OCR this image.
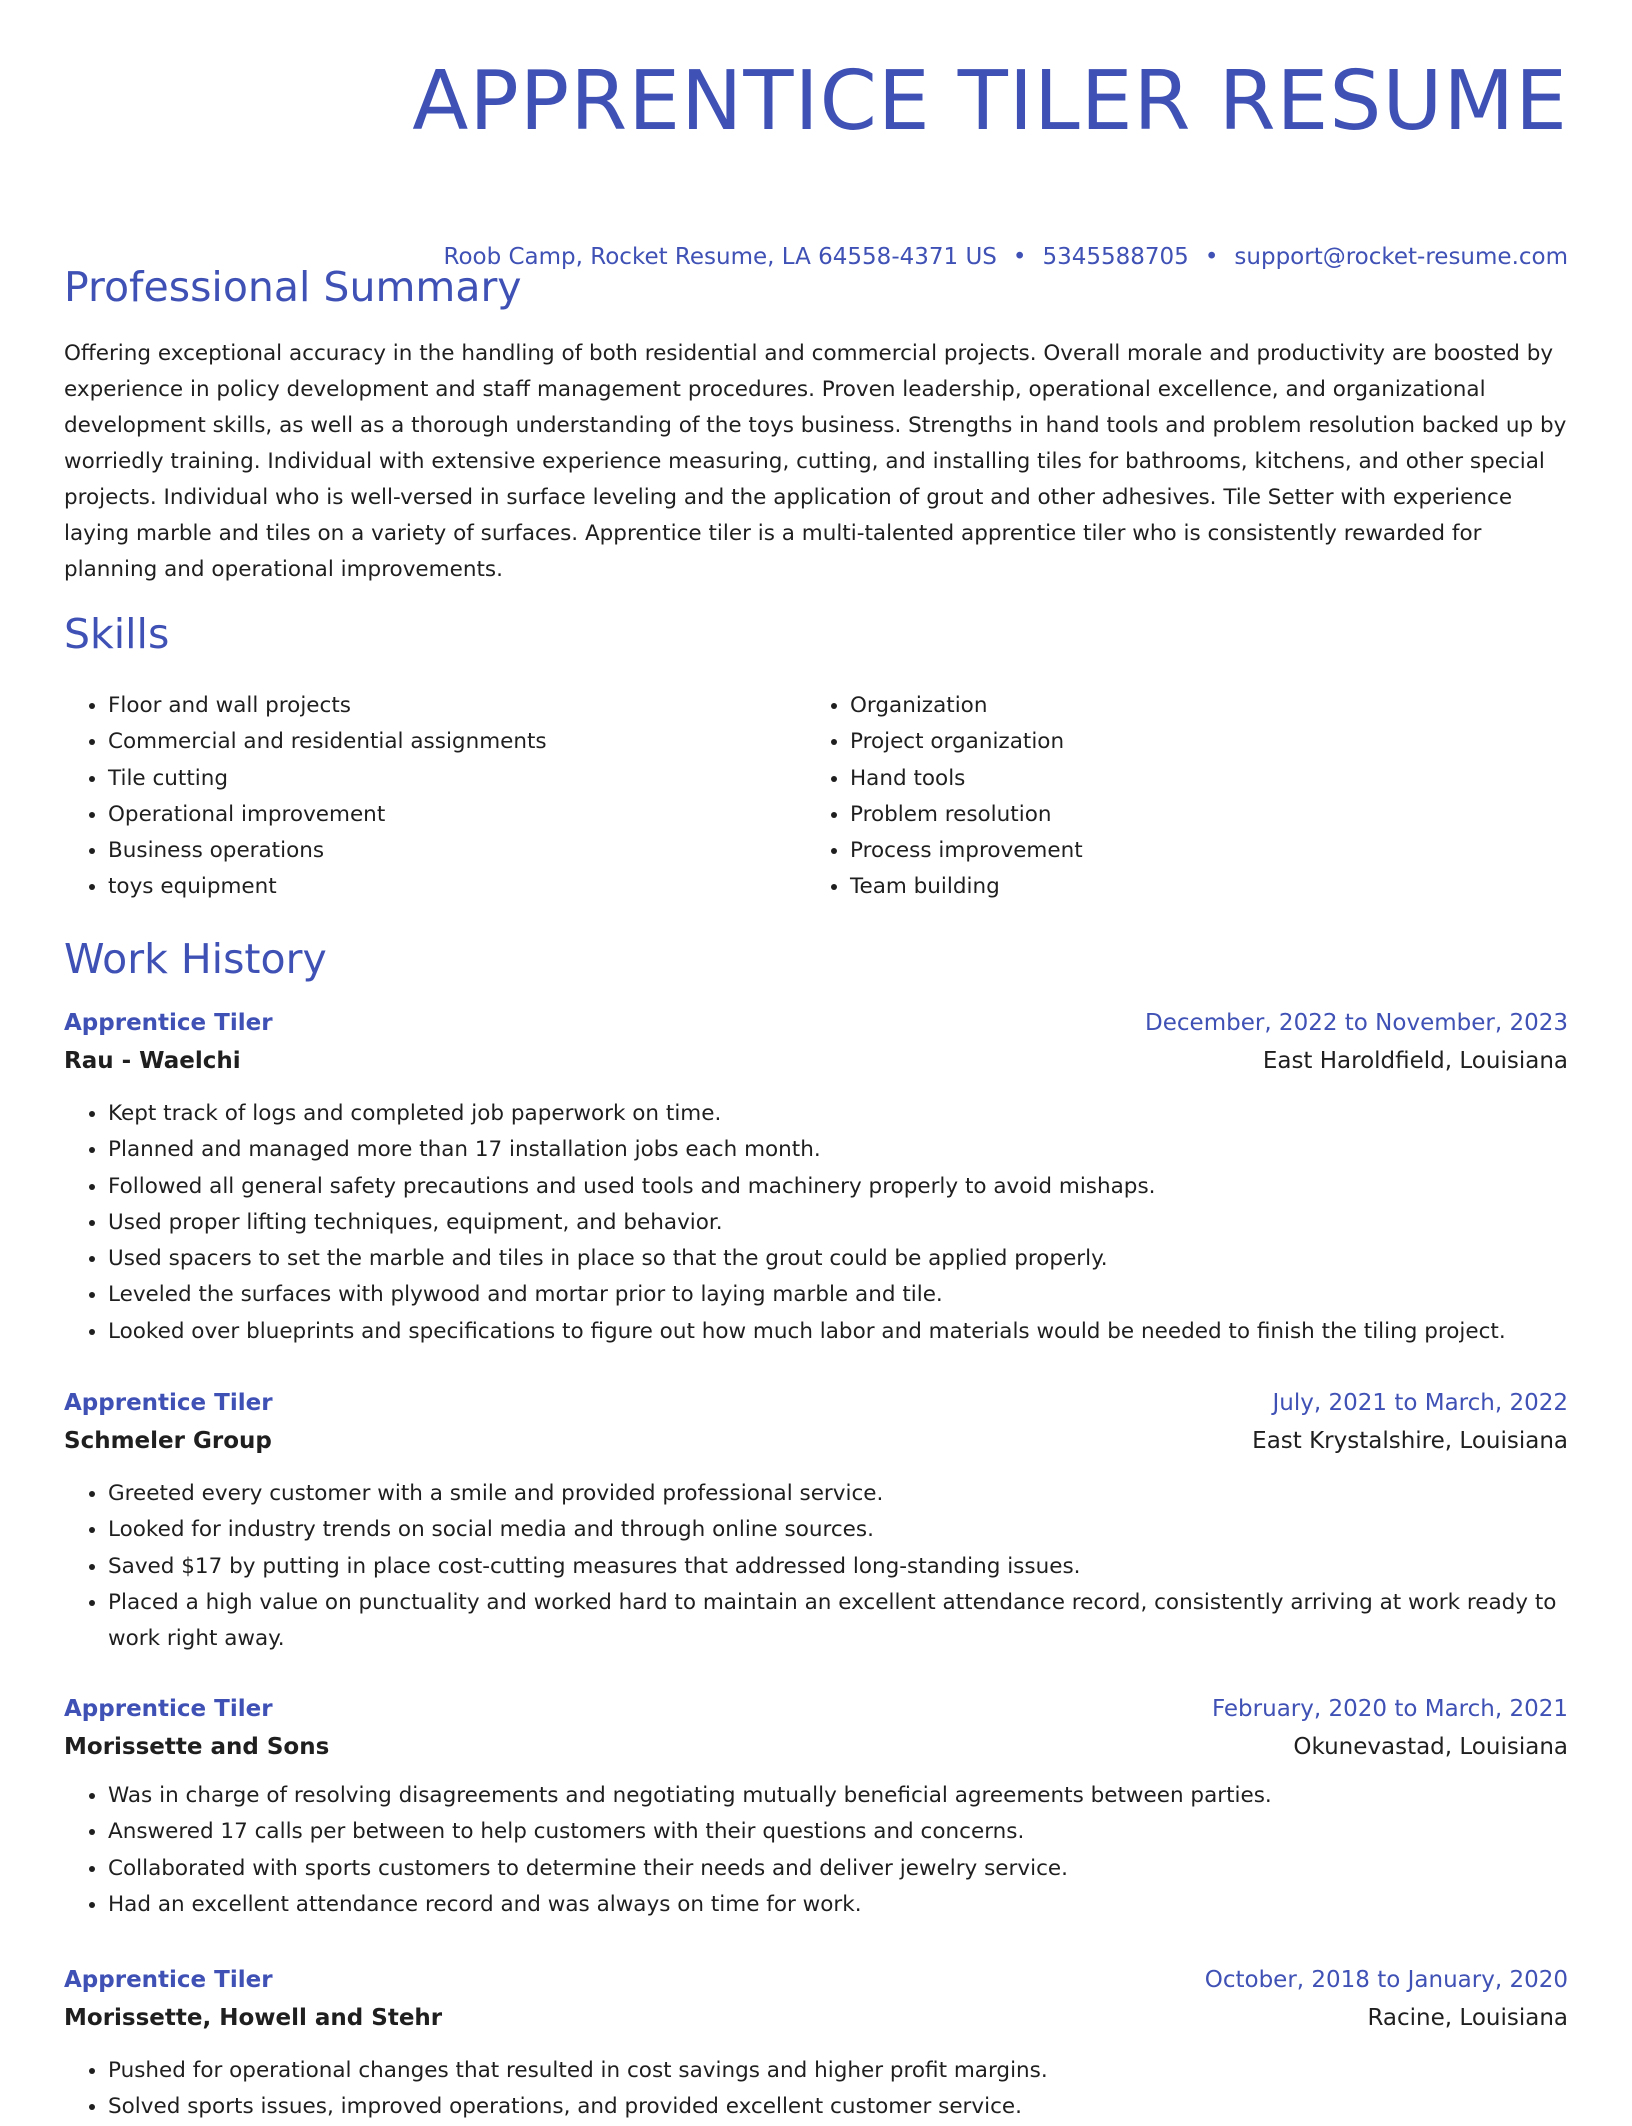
APPRENTICE TILER RESUME
Roob Camp, Rocket Resume, LA 64558-4371 US • 5345588705 • support@rocket-resume.com
Professional Summary

Offering exceptional accuracy in the handling of both residential and commercial projects. Overall morale and productivity are boosted by experience in policy development and staff management procedures. Proven leadership, operational excellence, and organizational development skills, as well as a thorough understanding of the toys business. Strengths in hand tools and problem resolution backed up by worriedly training. Individual with extensive experience measuring, cutting, and installing tiles for bathrooms, kitchens, and other special projects. Individual who is well-versed in surface leveling and the application of grout and other adhesives. Tile Setter with experience laying marble and tiles on a variety of surfaces. Apprentice tiler is a multi-talented apprentice tiler who is consistently rewarded for planning and operational improvements.

Skills
• Floor and wall projects
• Commercial and residential assignments
• Tile cutting
• Operational improvement
• Business operations
• toys equipment
• Organization
• Project organization
• Hand tools
• Problem resolution
• Process improvement
• Team building
Work History
Apprentice Tiler	December, 2022 to November, 2023
Rau - Waelchi	East Haroldfield, Louisiana
• Kept track of logs and completed job paperwork on time.
• Planned and managed more than 17 installation jobs each month.
• Followed all general safety precautions and used tools and machinery properly to avoid mishaps.
• Used proper lifting techniques, equipment, and behavior.
• Used spacers to set the marble and tiles in place so that the grout could be applied properly.
• Leveled the surfaces with plywood and mortar prior to laying marble and tile.
• Looked over blueprints and specifications to figure out how much labor and materials would be needed to finish the tiling project.
Apprentice Tiler	July, 2021 to March, 2022
Schmeler Group	East Krystalshire, Louisiana
• Greeted every customer with a smile and provided professional service.
• Looked for industry trends on social media and through online sources.
• Saved $17 by putting in place cost-cutting measures that addressed long-standing issues.
• Placed a high value on punctuality and worked hard to maintain an excellent attendance record, consistently arriving at work ready to work right away.
Apprentice Tiler	February, 2020 to March, 2021
Morissette and Sons	Okunevastad, Louisiana
• Was in charge of resolving disagreements and negotiating mutually beneficial agreements between parties.
• Answered 17 calls per between to help customers with their questions and concerns.
• Collaborated with sports customers to determine their needs and deliver jewelry service.
• Had an excellent attendance record and was always on time for work.
Apprentice Tiler	October, 2018 to January, 2020
Morissette, Howell and Stehr	Racine, Louisiana
• Pushed for operational changes that resulted in cost savings and higher profit margins.
• Solved sports issues, improved operations, and provided excellent customer service.
